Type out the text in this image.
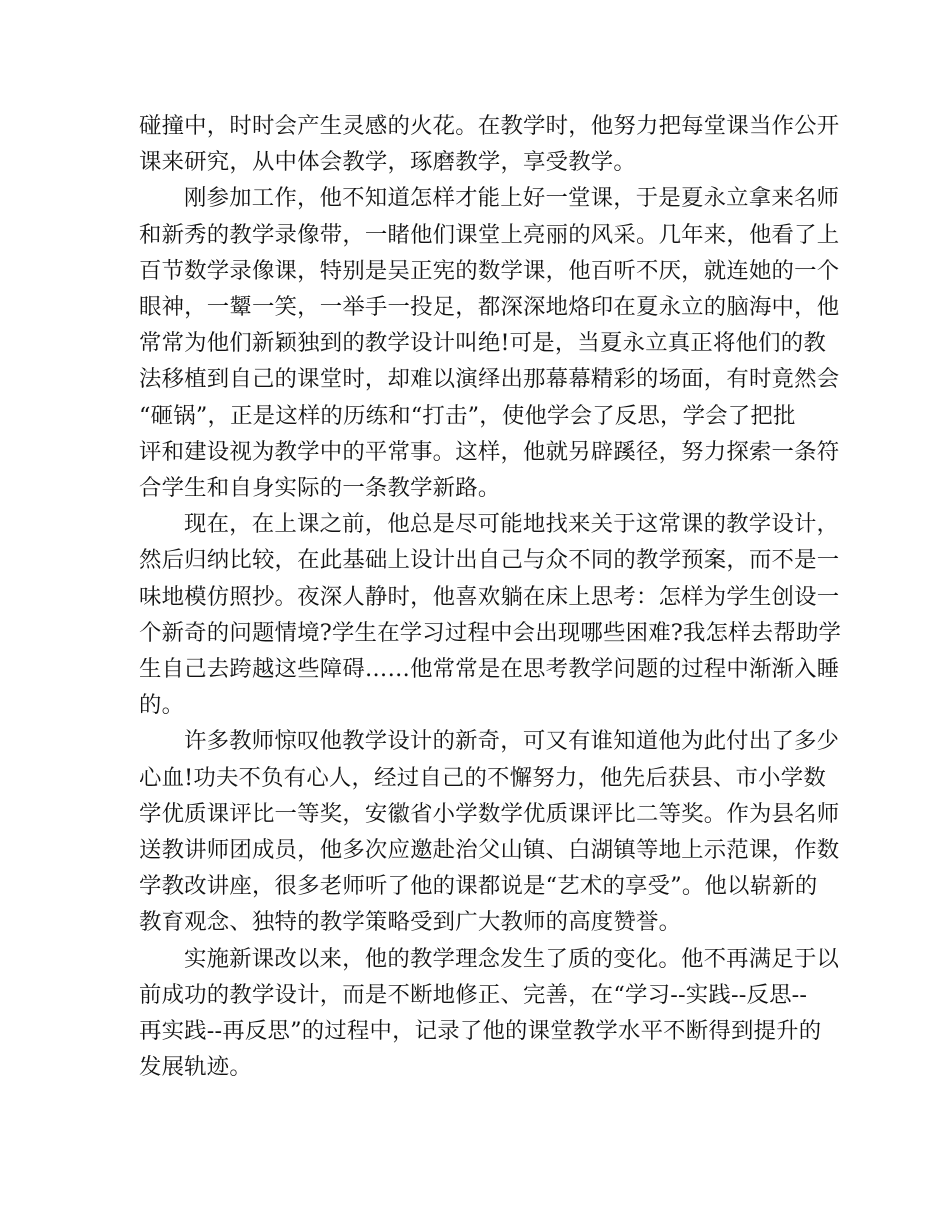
碰撞中，时时会产生灵感的火花。在教学时，他努力把每堂课当作公开
课来研究，从中体会教学，琢磨教学，享受教学。

刚参加工作，他不知道怎样才能上好一堂课，于是夏永立拿来名师
和新秀的教学录像带，一睹他们课堂上亮丽的风采。几年来，他看了上
百节数学录像课，特别是吴正宪的数学课，他百听不厌，就连她的一个
眼神，一颦一笑，一举手一投足，都深深地烙印在夏永立的脑海中，他
常常为他们新颖独到的教学设计叫绝!可是，当夏永立真正将他们的教
法移植到自己的课堂时，却难以演绎出那幕幕精彩的场面，有时竟然会
“砸锅”，正是这样的历练和“打击”，使他学会了反思，学会了把批
评和建设视为教学中的平常事。这样，他就另辟蹊径，努力探索一条符
合学生和自身实际的一条教学新路。

现在，在上课之前，他总是尽可能地找来关于这常课的教学设计，
然后归纳比较，在此基础上设计出自己与众不同的教学预案，而不是一
味地模仿照抄。夜深人静时，他喜欢躺在床上思考：怎样为学生创设一
个新奇的问题情境?学生在学习过程中会出现哪些困难?我怎样去帮助学
生自己去跨越这些障碍……他常常是在思考教学问题的过程中渐渐入睡
的。

许多教师惊叹他教学设计的新奇，可又有谁知道他为此付出了多少
心血!功夫不负有心人，经过自己的不懈努力，他先后获县、市小学数
学优质课评比一等奖，安徽省小学数学优质课评比二等奖。作为县名师
送教讲师团成员，他多次应邀赴治父山镇、白湖镇等地上示范课，作数
学教改讲座，很多老师听了他的课都说是“艺术的享受”。他以崭新的
教育观念、独特的教学策略受到广大教师的高度赞誉。

实施新课改以来，他的教学理念发生了质的变化。他不再满足于以
前成功的教学设计，而是不断地修正、完善，在“学习--实践--反思--
再实践--再反思”的过程中，记录了他的课堂教学水平不断得到提升的
发展轨迹。
